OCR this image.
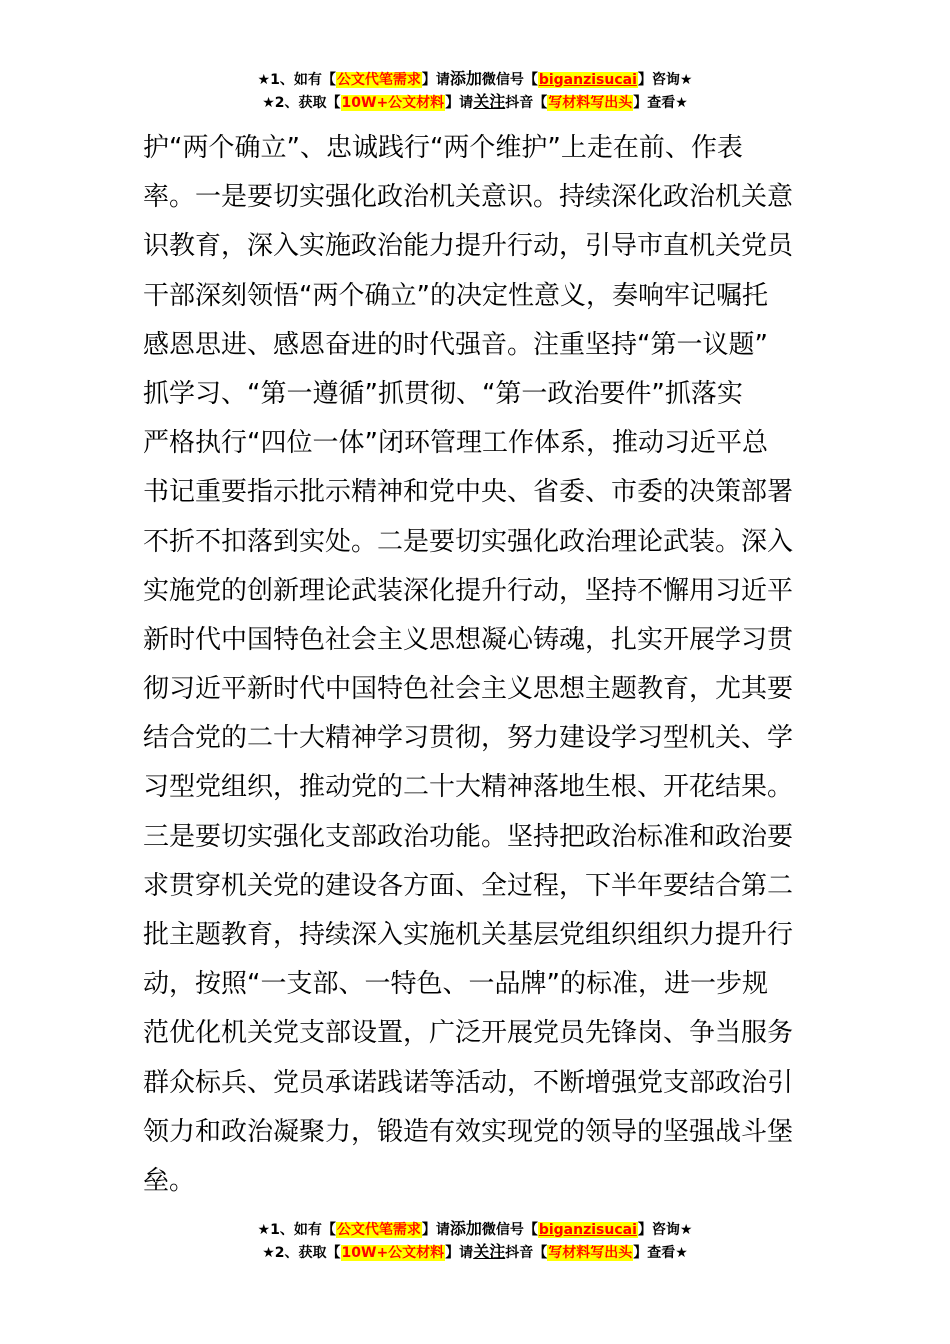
★1、如有【公文代笔需求】请添加微信号【biganzisucai】咨询★
★2、获取【10W+公文材料】请关注抖音【写材料写出头】查看★
护“两个确立”、忠诚践行“两个维护”上走在前、作表
率。一是要切实强化政治机关意识。持续深化政治机关意
识教育，深入实施政治能力提升行动，引导市直机关党员
干部深刻领悟“两个确立”的决定性意义，奏响牢记嘱托
感恩思进、感恩奋进的时代强音。注重坚持“第一议题”
抓学习、“第一遵循”抓贯彻、“第一政治要件”抓落实
严格执行“四位一体”闭环管理工作体系，推动习近平总
书记重要指示批示精神和党中央、省委、市委的决策部署
不折不扣落到实处。二是要切实强化政治理论武装。深入
实施党的创新理论武装深化提升行动，坚持不懈用习近平
新时代中国特色社会主义思想凝心铸魂，扎实开展学习贯
彻习近平新时代中国特色社会主义思想主题教育，尤其要
结合党的二十大精神学习贯彻，努力建设学习型机关、学
习型党组织，推动党的二十大精神落地生根、开花结果。
三是要切实强化支部政治功能。坚持把政治标准和政治要
求贯穿机关党的建设各方面、全过程，下半年要结合第二
批主题教育，持续深入实施机关基层党组织组织力提升行
动，按照“一支部、一特色、一品牌”的标准，进一步规
范优化机关党支部设置，广泛开展党员先锋岗、争当服务
群众标兵、党员承诺践诺等活动，不断增强党支部政治引
领力和政治凝聚力，锻造有效实现党的领导的坚强战斗堡
垒。
★1、如有【公文代笔需求】请添加微信号【biganzisucai】咨询★
★2、获取【10W+公文材料】请关注抖音【写材料写出头】查看★
